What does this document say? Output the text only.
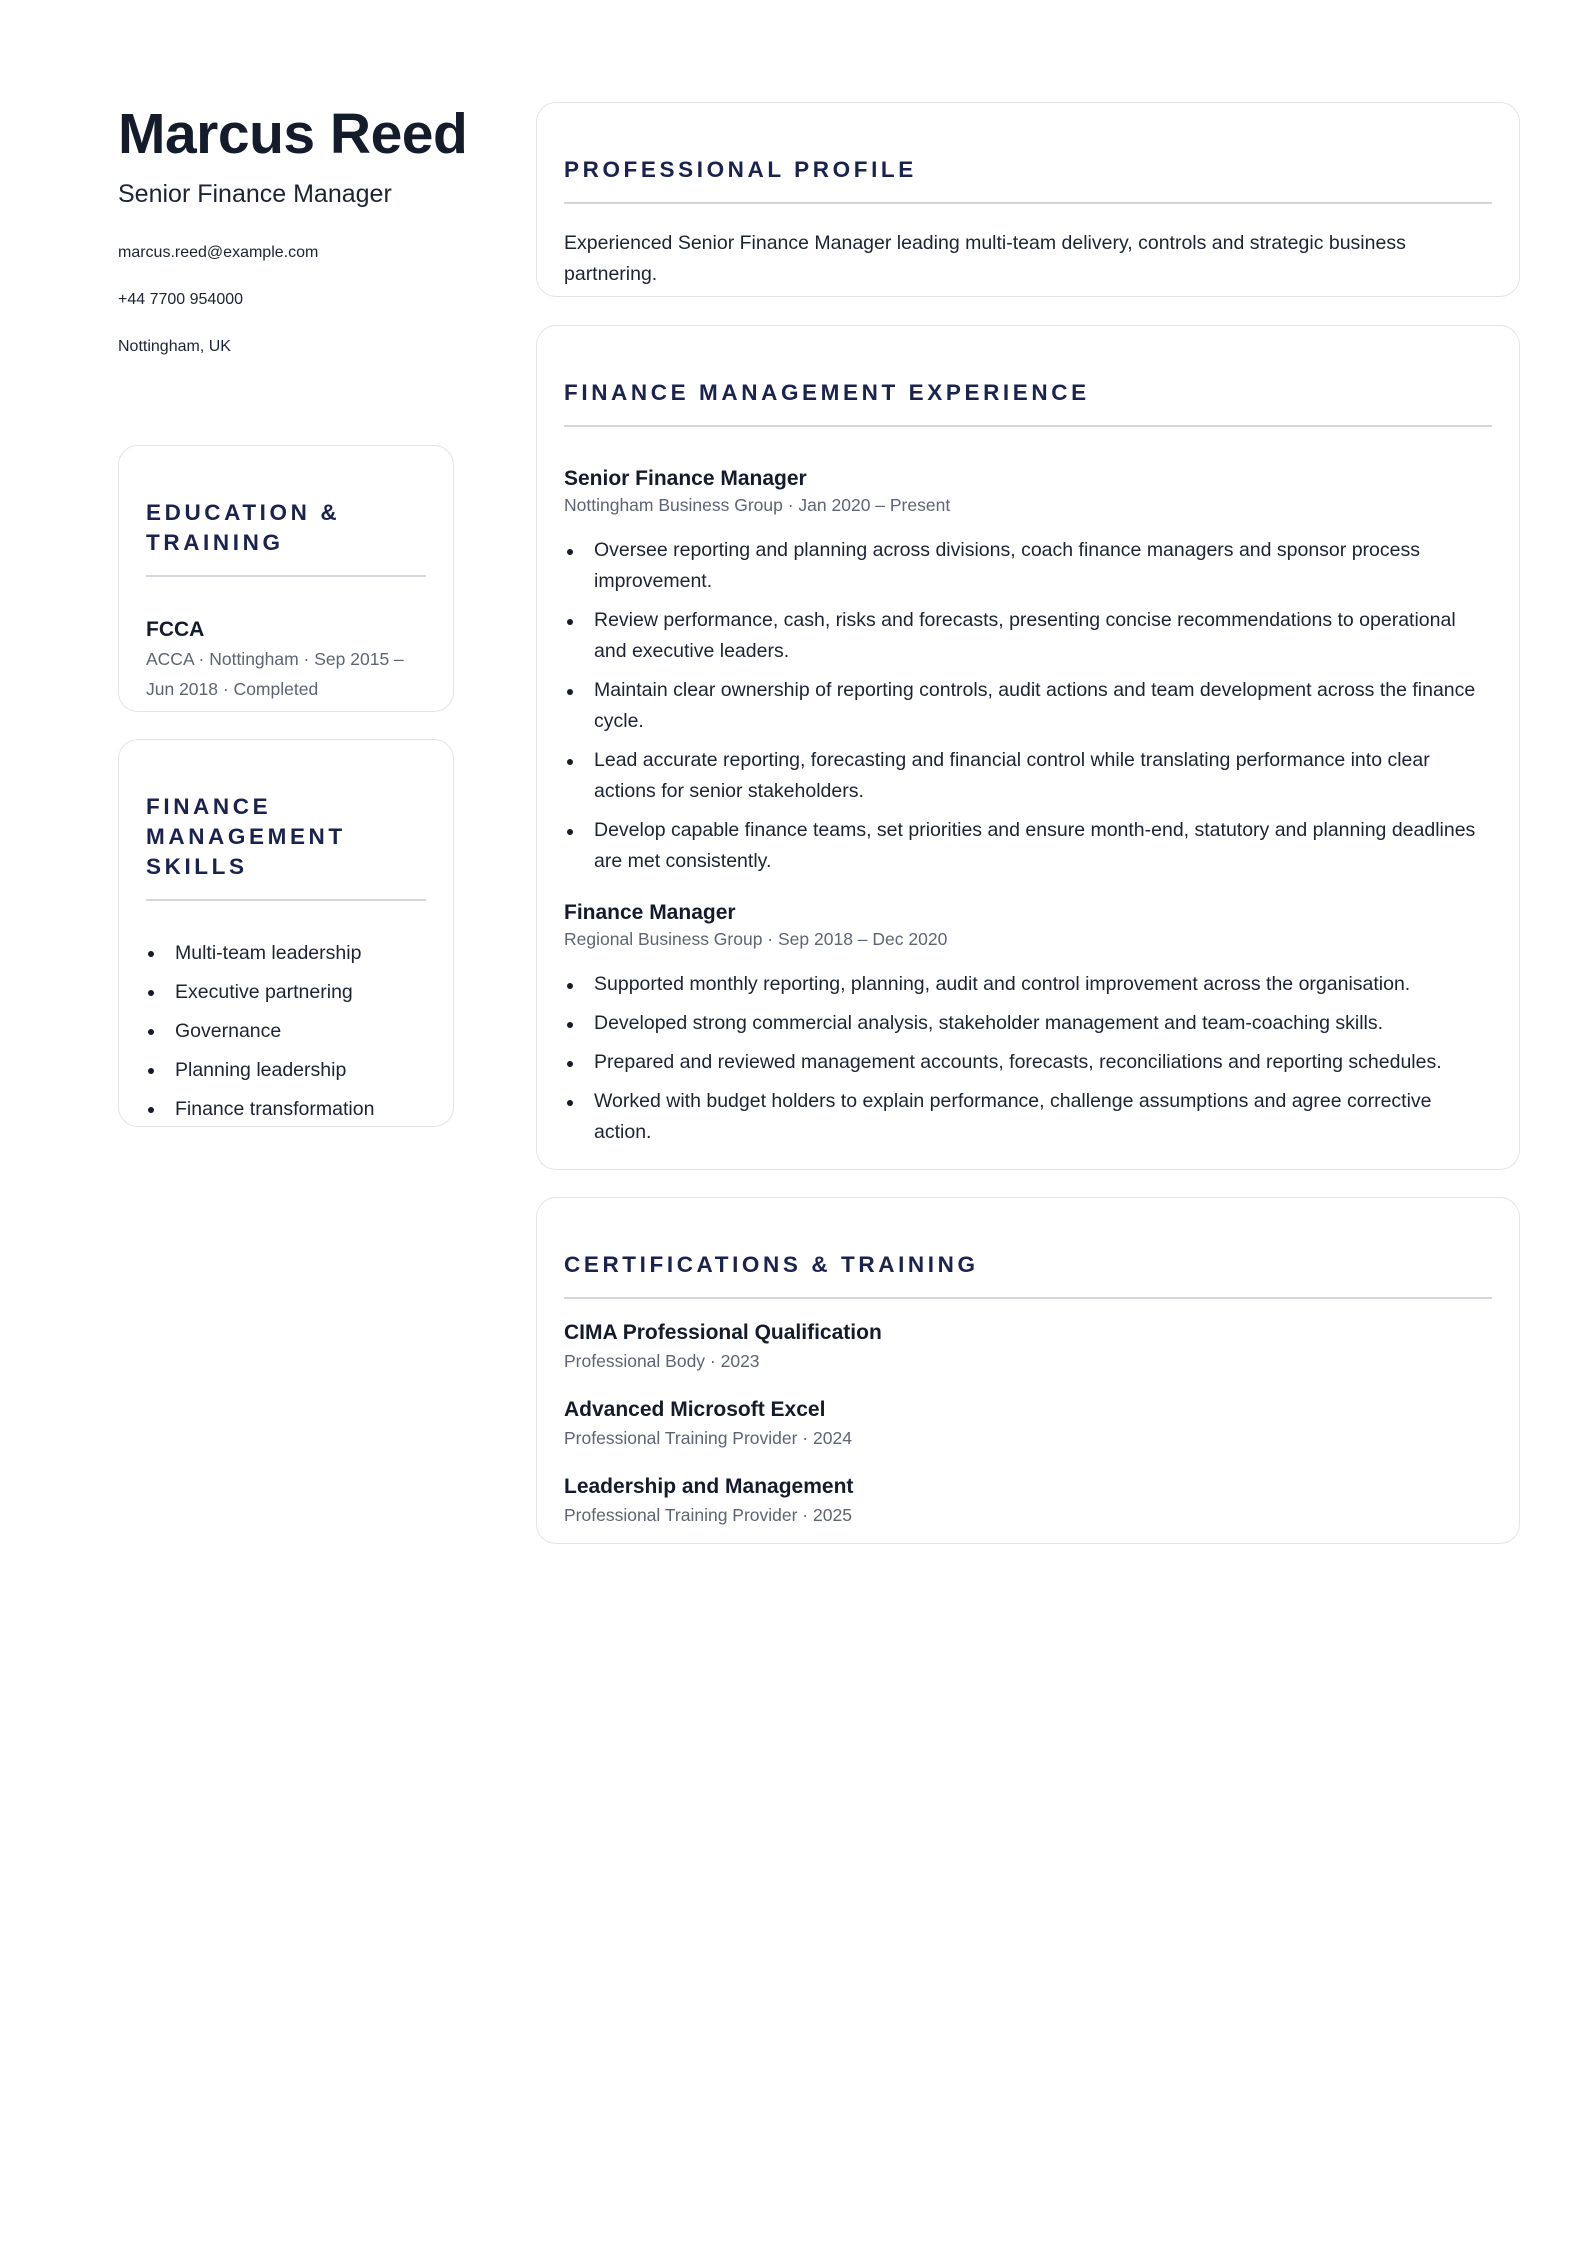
Marcus Reed
Senior Finance Manager
marcus.reed@example.com
+44 7700 954000
Nottingham, UK
EDUCATION & TRAINING
FCCA
ACCA · Nottingham · Sep 2015 – Jun 2018 · Completed
FINANCE MANAGEMENT SKILLS
Multi-team leadership
Executive partnering
Governance
Planning leadership
Finance transformation
PROFESSIONAL PROFILE

Experienced Senior Finance Manager leading multi-team delivery, controls and strategic business partnering.

FINANCE MANAGEMENT EXPERIENCE
Senior Finance Manager
Nottingham Business Group · Jan 2020 – Present
Oversee reporting and planning across divisions, coach finance managers and sponsor process improvement.
Review performance, cash, risks and forecasts, presenting concise recommendations to operational and executive leaders.
Maintain clear ownership of reporting controls, audit actions and team development across the finance cycle.
Lead accurate reporting, forecasting and financial control while translating performance into clear actions for senior stakeholders.
Develop capable finance teams, set priorities and ensure month-end, statutory and planning deadlines are met consistently.
Finance Manager
Regional Business Group · Sep 2018 – Dec 2020
Supported monthly reporting, planning, audit and control improvement across the organisation.
Developed strong commercial analysis, stakeholder management and team-coaching skills.
Prepared and reviewed management accounts, forecasts, reconciliations and reporting schedules.
Worked with budget holders to explain performance, challenge assumptions and agree corrective action.
CERTIFICATIONS & TRAINING
CIMA Professional Qualification
Professional Body · 2023
Advanced Microsoft Excel
Professional Training Provider · 2024
Leadership and Management
Professional Training Provider · 2025
